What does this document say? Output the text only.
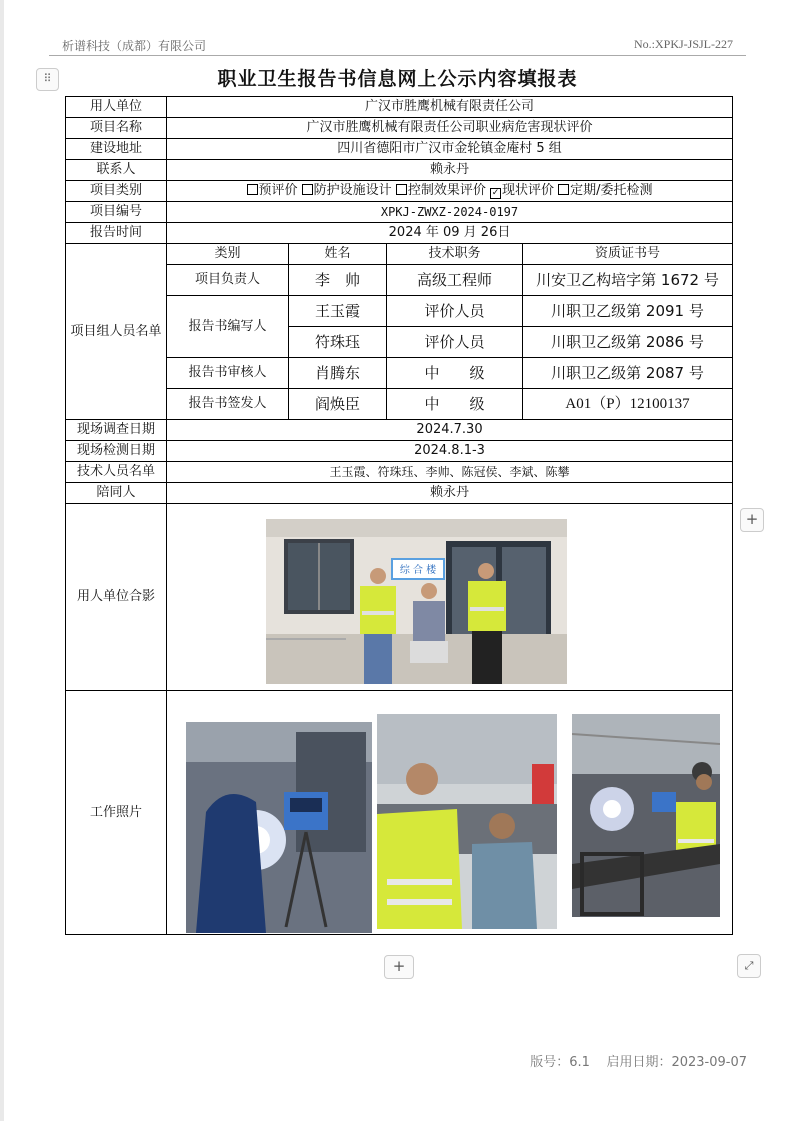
析谱科技（成都）有限公司	No.:XPKJ-JSJL-227
⠿	职业卫生报告书信息网上公示内容填报表
用人单位	广汉市胜鹰机械有限责任公司			
项目名称	广汉市胜鹰机械有限责任公司职业病危害现状评价			
建设地址	四川省德阳市广汉市金轮镇金庵村 5 组			
联系人	赖永丹			
项目类别	预评价 防护设施设计 控制效果评价 ✓ 现状评价 定期/委托检测			
项目编号	XPKJ-ZWXZ-2024-0197			
报告时间	2024 年 09 月 26日			
项目组人员名单	类别	姓名	技术职务	资质证书号
	项目负责人	李　帅	高级工程师	川安卫乙构培字第 1672 号
	报告书编写人	王玉霞	评价人员	川职卫乙级第 2091 号
		符珠珏	评价人员	川职卫乙级第 2086 号
	报告书审核人	肖腾东	中　　级	川职卫乙级第 2087 号
	报告书签发人	阎焕臣	中　　级	A01（P）12100137
现场调查日期	2024.7.30			
现场检测日期	2024.8.1-3			
技术人员名单	王玉霞、符珠珏、李帅、陈冠侯、李斌、陈攀			
陪同人	赖永丹			
用人单位合影				
工作照片				
综 合 楼
+
+	⤢
版号：6.1 启用日期：2023-09-07
